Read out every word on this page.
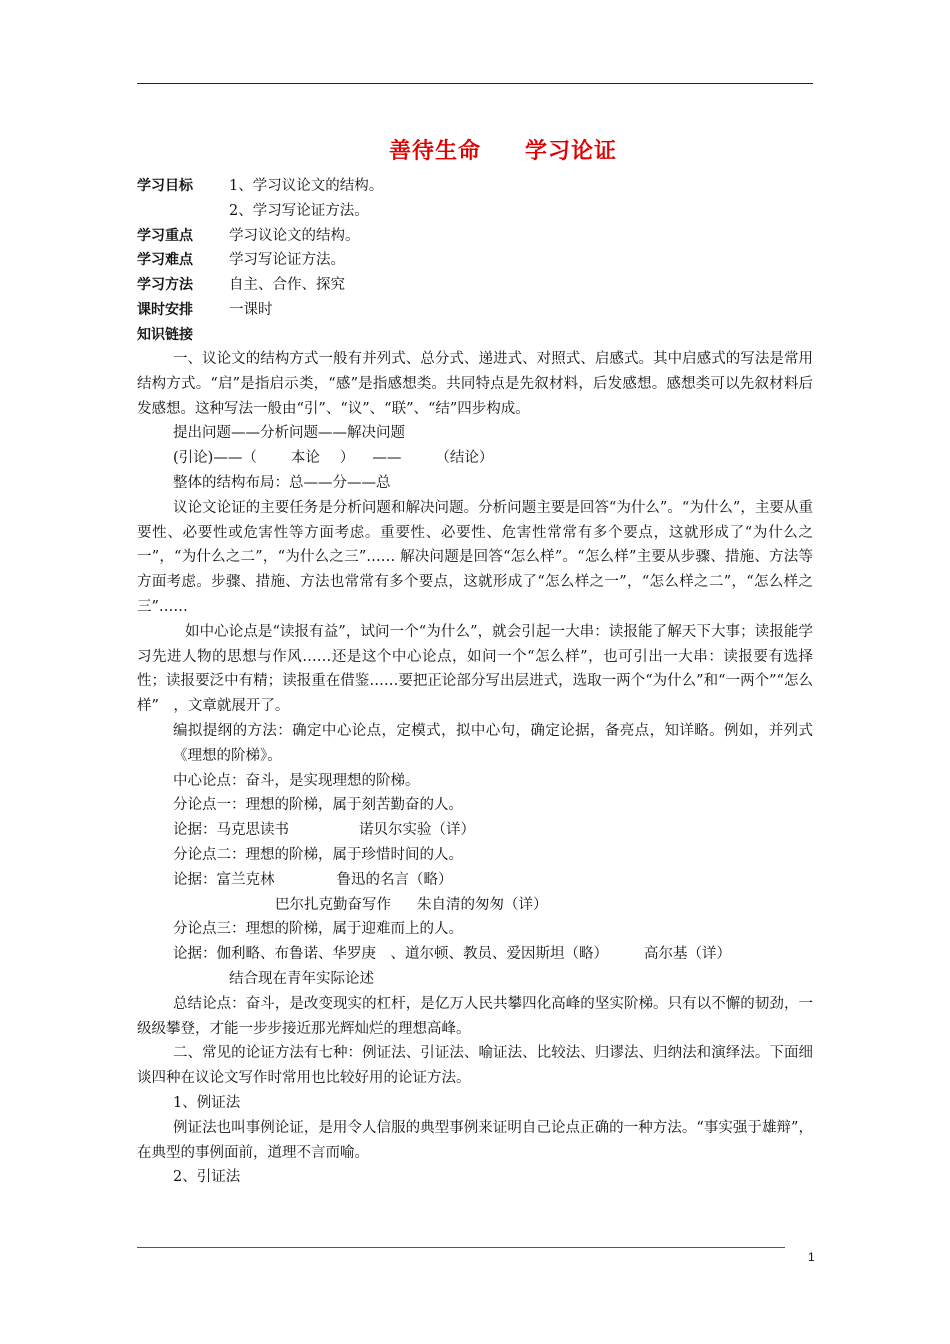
善待生命 学习论证
学习目标 1、学习议论文的结构。
2、学习写论证方法。
学习重点 学习议论文的结构。
学习难点 学习写论证方法。
学习方法 自主、合作、探究
课时安排 一课时
知识链接

一、议论文的结构方式一般有并列式、总分式、递进式、对照式、启感式。其中启感式的写法是常用结构方式。“启”是指启示类，“感”是指感想类。共同特点是先叙材料，后发感想。感想类可以先叙材料后发感想。这种写法一般由“引”、“议”、“联”、“结”四步构成。

提出问题——分析问题——解决问题

(引论)——（ 本论 ） —— （结论）

整体的结构布局：总——分——总

议论文论证的主要任务是分析问题和解决问题。分析问题主要是回答“为什么”。“为什么”，主要从重要性、必要性或危害性等方面考虑。重要性、必要性、危害性常常有多个要点，这就形成了“为什么之一”，“为什么之二”，“为什么之三”…… 解决问题是回答“怎么样”。“怎么样”主要从步骤、措施、方法等方面考虑。步骤、措施、方法也常常有多个要点，这就形成了“怎么样之一”，“怎么样之二”，“怎么样之三”……

如中心论点是“读报有益”，试问一个“为什么”，就会引起一大串：读报能了解天下大事；读报能学习先进人物的思想与作风……还是这个中心论点，如问一个“怎么样”，也可引出一大串：读报要有选择性；读报要泛中有精；读报重在借鉴……要把正论部分写出层进式，选取一两个“为什么”和“一两个”“怎么样”　，文章就展开了。

编拟提纲的方法：确定中心论点，定模式，拟中心句，确定论据，备亮点，知详略。例如，并列式《理想的阶梯》。

中心论点：奋斗，是实现理想的阶梯。

分论点一：理想的阶梯，属于刻苦勤奋的人。

论据：马克思读书	诺贝尔实验（详）

分论点二：理想的阶梯，属于珍惜时间的人。

论据：富兰克林	鲁迅的名言（略）

巴尔扎克勤奋写作 朱自清的匆匆（详）

分论点三：理想的阶梯，属于迎难而上的人。

论据：伽利略、布鲁诺、华罗庚　、道尔顿、教员、爱因斯坦（略） 高尔基（详）

结合现在青年实际论述

总结论点：奋斗，是改变现实的杠杆，是亿万人民共攀四化高峰的坚实阶梯。只有以不懈的韧劲，一级级攀登，才能一步步接近那光辉灿烂的理想高峰。

二、常见的论证方法有七种：例证法、引证法、喻证法、比较法、归谬法、归纳法和演绎法。下面细谈四种在议论文写作时常用也比较好用的论证方法。

1、例证法

例证法也叫事例论证，是用令人信服的典型事例来证明自己论点正确的一种方法。“事实强于雄辩”，在典型的事例面前，道理不言而喻。

2、引证法

1
